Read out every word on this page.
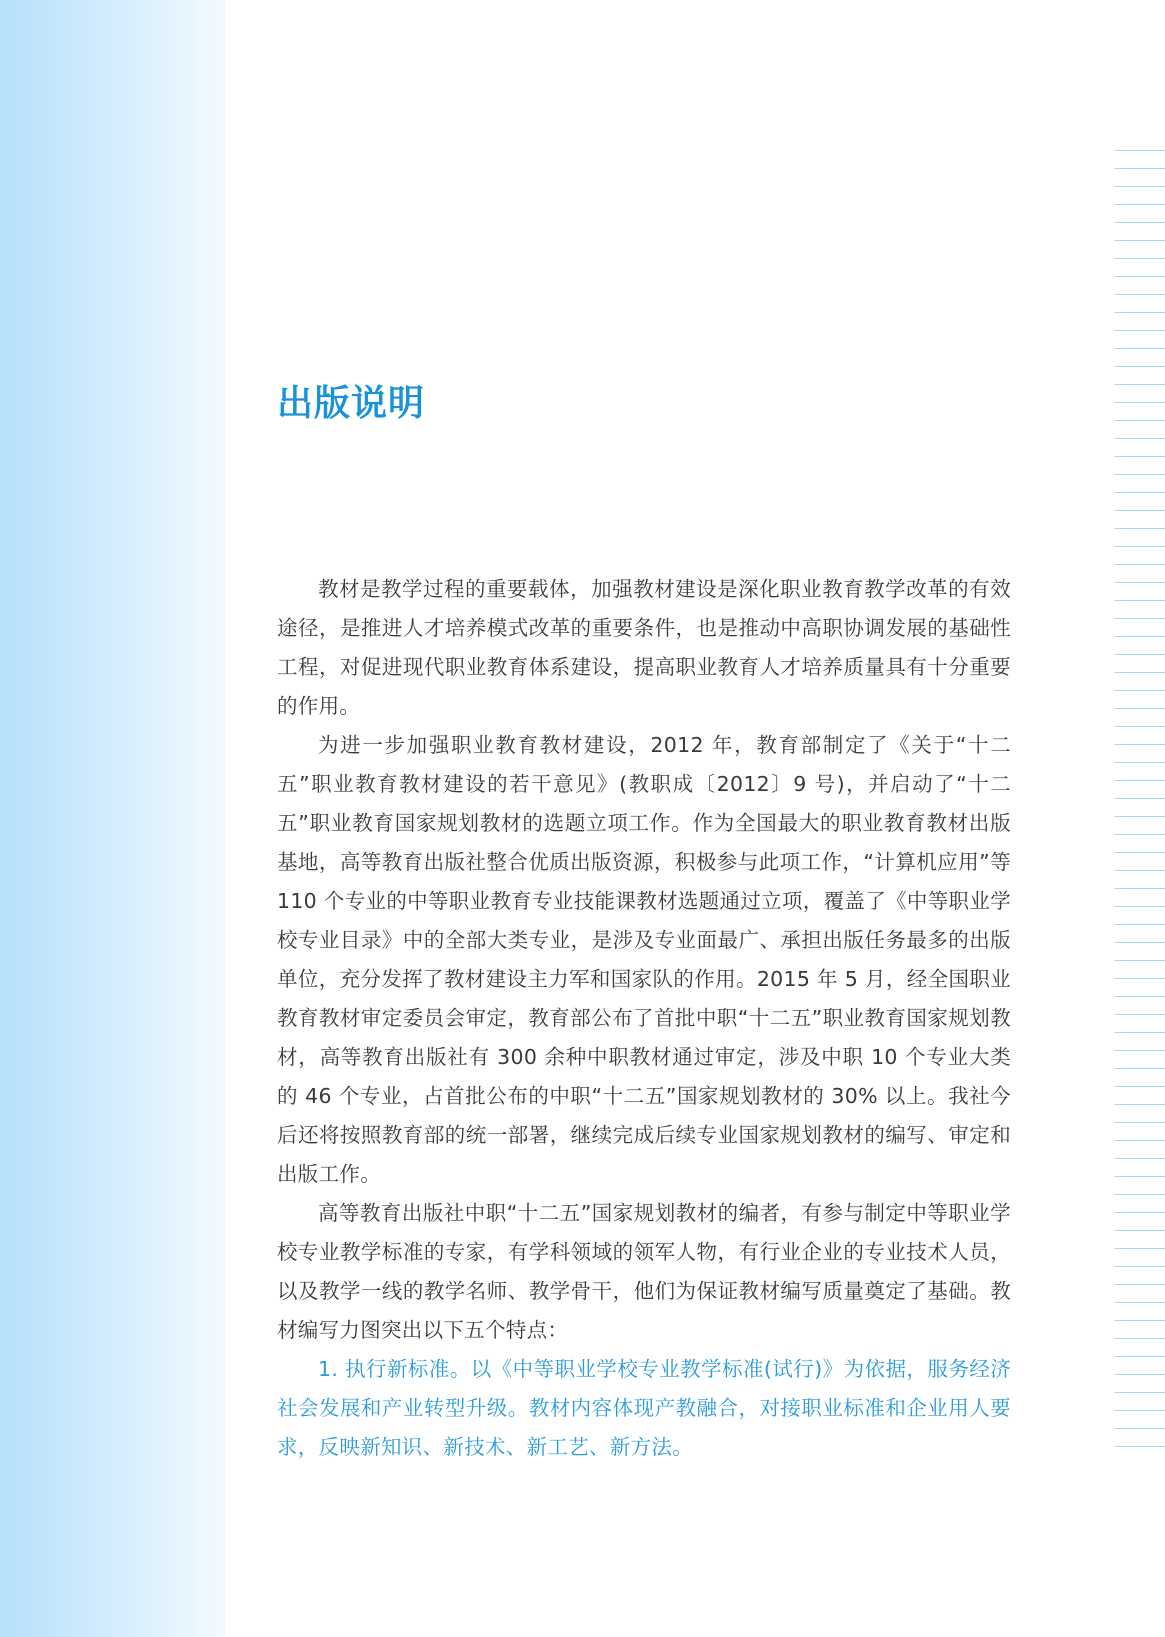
出版说明

教材是教学过程的重要载体，加强教材建设是深化职业教育教学改革的有效途径，是推进人才培养模式改革的重要条件，也是推动中高职协调发展的基础性工程，对促进现代职业教育体系建设，提高职业教育人才培养质量具有十分重要的作用。

为进一步加强职业教育教材建设，2012 年，教育部制定了《关于“十二五”职业教育教材建设的若干意见》(教职成〔2012〕9 号)，并启动了“十二五”职业教育国家规划教材的选题立项工作。作为全国最大的职业教育教材出版基地，高等教育出版社整合优质出版资源，积极参与此项工作，“计算机应用”等 110 个专业的中等职业教育专业技能课教材选题通过立项，覆盖了《中等职业学校专业目录》中的全部大类专业，是涉及专业面最广、承担出版任务最多的出版单位，充分发挥了教材建设主力军和国家队的作用。2015 年 5 月，经全国职业教育教材审定委员会审定，教育部公布了首批中职“十二五”职业教育国家规划教材，高等教育出版社有 300 余种中职教材通过审定，涉及中职 10 个专业大类的 46 个专业，占首批公布的中职“十二五”国家规划教材的 30% 以上。我社今后还将按照教育部的统一部署，继续完成后续专业国家规划教材的编写、审定和出版工作。

高等教育出版社中职“十二五”国家规划教材的编者，有参与制定中等职业学校专业教学标准的专家，有学科领域的领军人物，有行业企业的专业技术人员，以及教学一线的教学名师、教学骨干，他们为保证教材编写质量奠定了基础。教材编写力图突出以下五个特点：

1. 执行新标准。以《中等职业学校专业教学标准(试行)》为依据，服务经济社会发展和产业转型升级。教材内容体现产教融合，对接职业标准和企业用人要求，反映新知识、新技术、新工艺、新方法。
